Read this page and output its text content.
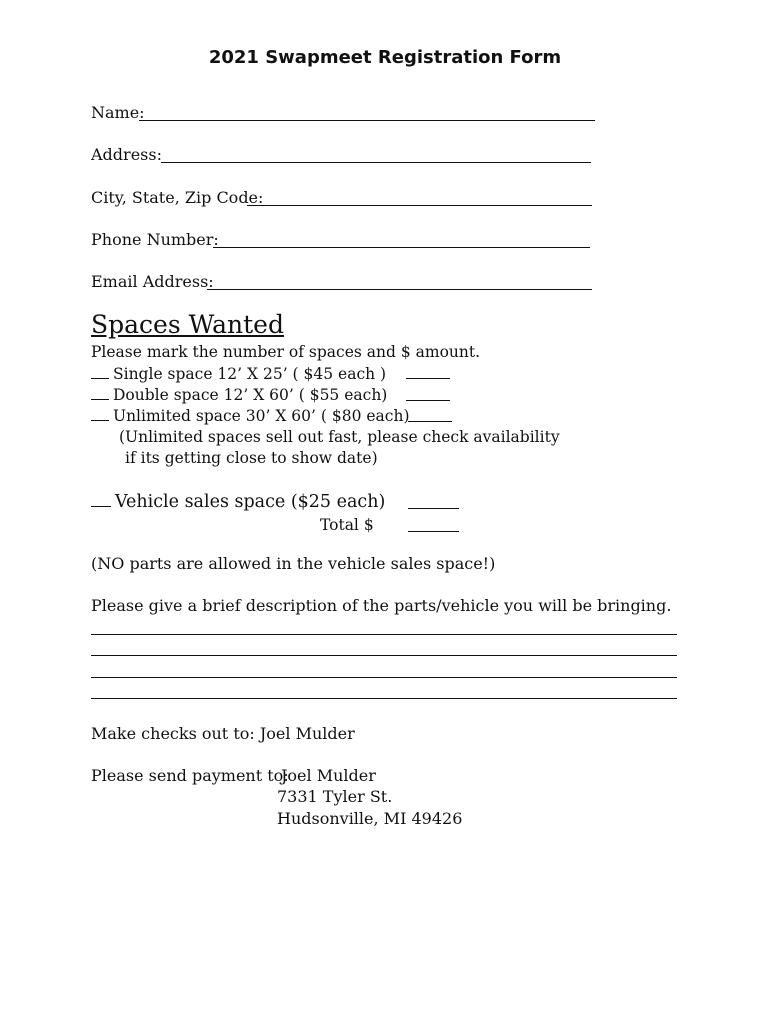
2021 Swapmeet Registration Form
Name:
Address:
City, State, Zip Code:
Phone Number:
Email Address:
Spaces Wanted
Please mark the number of spaces and $ amount.
Single space 12’ X 25’ ( $45 each )
Double space 12’ X 60’ ( $55 each)
Unlimited space 30’ X 60’ ( $80 each)
(Unlimited spaces sell out fast, please check availability
if its getting close to show date)
Vehicle sales space ($25 each)
Total $
(NO parts are allowed in the vehicle sales space!)
Please give a brief description of the parts/vehicle you will be bringing.
Make checks out to: Joel Mulder
Please send payment to:
Joel Mulder
7331 Tyler St.
Hudsonville, MI 49426
